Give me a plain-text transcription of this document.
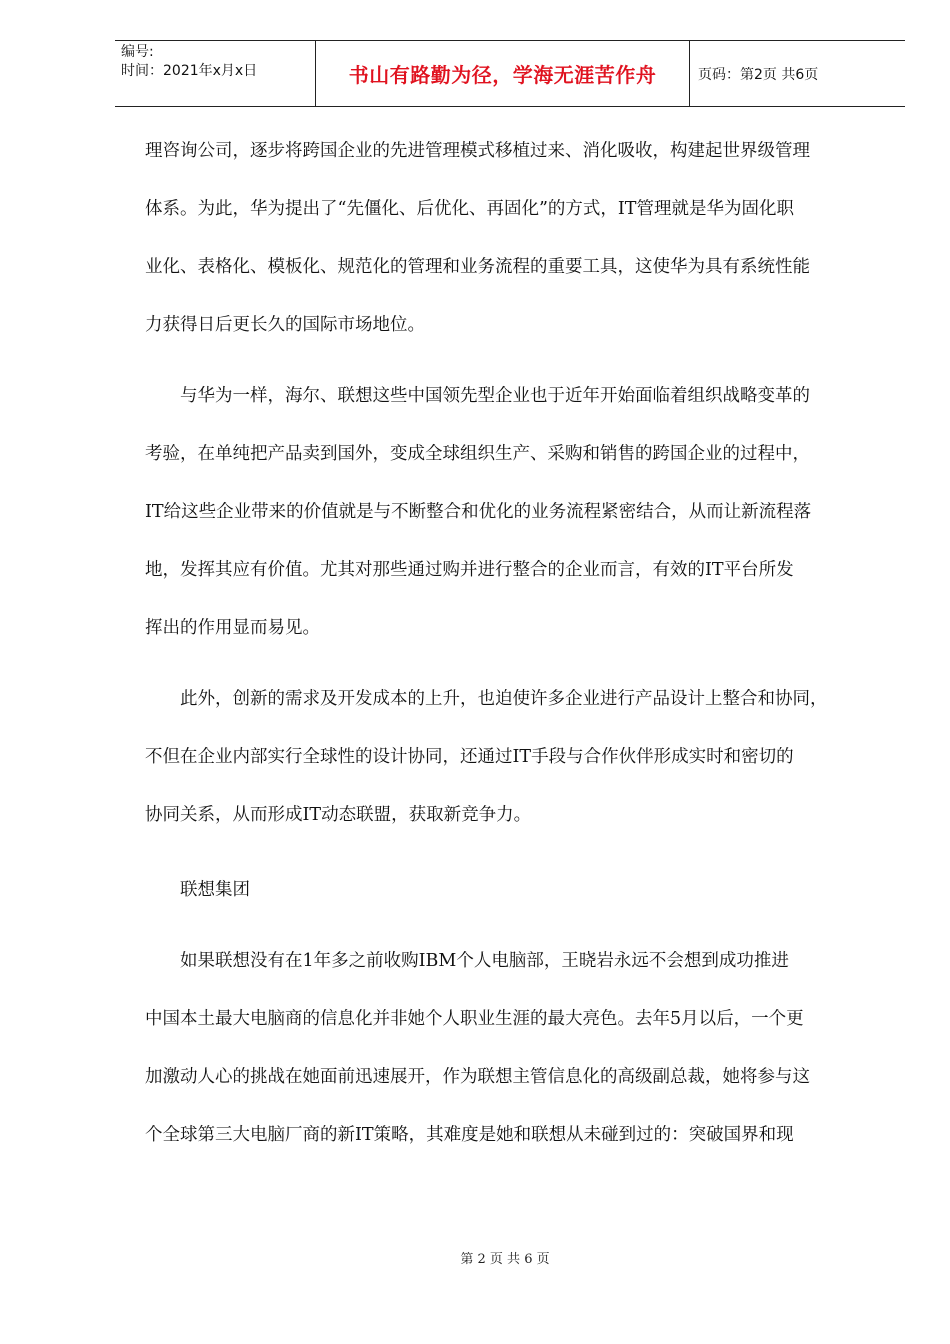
编号:
时间：2021年x月x日	书山有路勤为径，学海无涯苦作舟	页码：第2页 共6页
理咨询公司，逐步将跨国企业的先进管理模式移植过来、消化吸收，构建起世界级管理
体系。为此，华为提出了“先僵化、后优化、再固化”的方式，IT管理就是华为固化职
业化、表格化、模板化、规范化的管理和业务流程的重要工具，这使华为具有系统性能
力获得日后更长久的国际市场地位。
与华为一样，海尔、联想这些中国领先型企业也于近年开始面临着组织战略变革的
考验，在单纯把产品卖到国外，变成全球组织生产、采购和销售的跨国企业的过程中，
IT给这些企业带来的价值就是与不断整合和优化的业务流程紧密结合，从而让新流程落
地，发挥其应有价值。尤其对那些通过购并进行整合的企业而言，有效的IT平台所发
挥出的作用显而易见。
此外，创新的需求及开发成本的上升，也迫使许多企业进行产品设计上整合和协同，
不但在企业内部实行全球性的设计协同，还通过IT手段与合作伙伴形成实时和密切的
协同关系，从而形成IT动态联盟，获取新竞争力。
联想集团
如果联想没有在1年多之前收购IBM个人电脑部，王晓岩永远不会想到成功推进
中国本土最大电脑商的信息化并非她个人职业生涯的最大亮色。去年5月以后，一个更
加激动人心的挑战在她面前迅速展开，作为联想主管信息化的高级副总裁，她将参与这
个全球第三大电脑厂商的新IT策略，其难度是她和联想从未碰到过的：突破国界和现
第 2 页 共 6 页
